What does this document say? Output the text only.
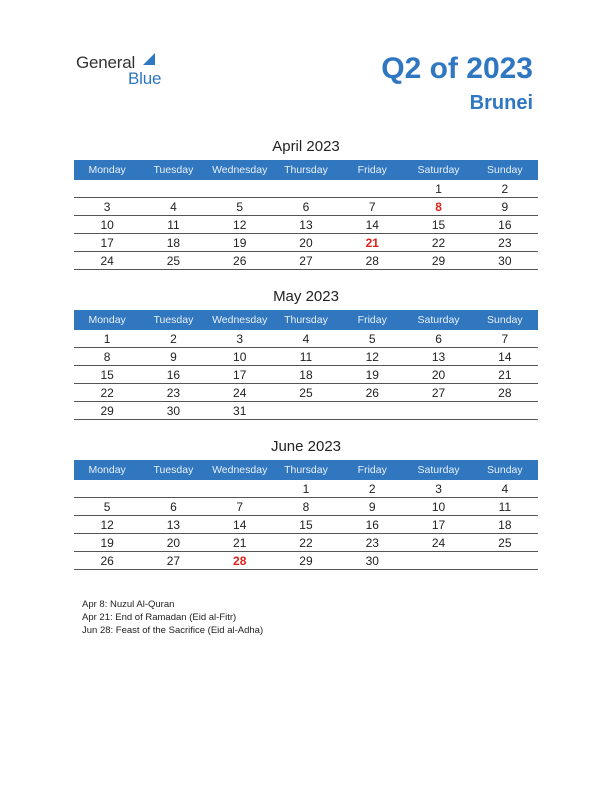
General
Blue	Q2 of 2023
Brunei
April 2023
Monday	Tuesday	Wednesday	Thursday	Friday	Saturday	Sunday
					1	2
3	4	5	6	7	8	9
10	11	12	13	14	15	16
17	18	19	20	21	22	23
24	25	26	27	28	29	30
May 2023
Monday	Tuesday	Wednesday	Thursday	Friday	Saturday	Sunday
1	2	3	4	5	6	7
8	9	10	11	12	13	14
15	16	17	18	19	20	21
22	23	24	25	26	27	28
29	30	31				
June 2023
Monday	Tuesday	Wednesday	Thursday	Friday	Saturday	Sunday
			1	2	3	4
5	6	7	8	9	10	11
12	13	14	15	16	17	18
19	20	21	22	23	24	25
26	27	28	29	30		
Apr 8: Nuzul Al-Quran
Apr 21: End of Ramadan (Eid al-Fitr)
Jun 28: Feast of the Sacrifice (Eid al-Adha)
